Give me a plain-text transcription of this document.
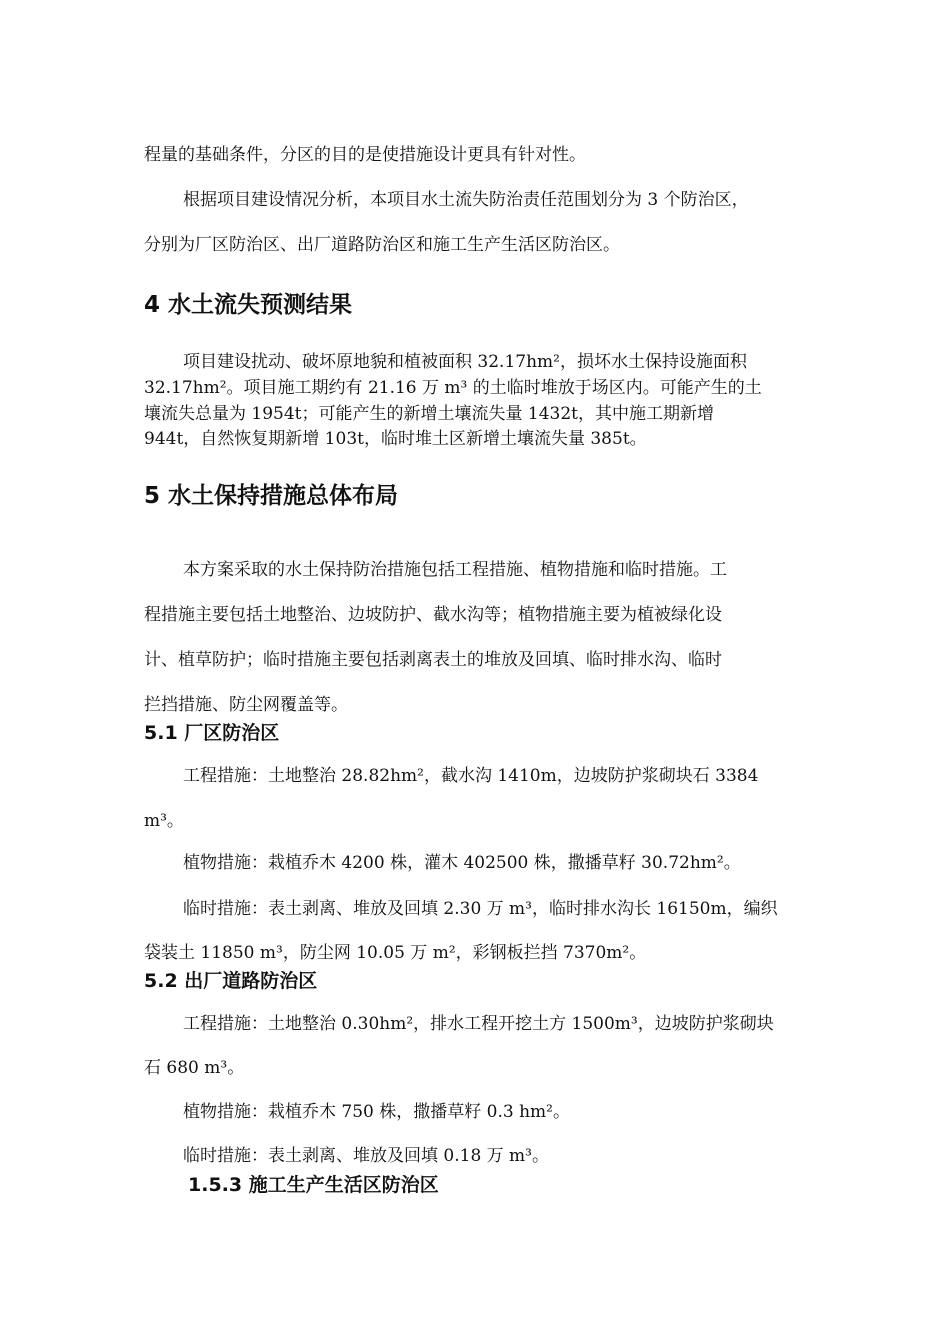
程量的基础条件，分区的目的是使措施设计更具有针对性。
根据项目建设情况分析，本项目水土流失防治责任范围划分为 3 个防治区，
分别为厂区防治区、出厂道路防治区和施工生产生活区防治区。
4 水土流失预测结果
项目建设扰动、破坏原地貌和植被面积 32.17hm²，损坏水土保持设施面积
32.17hm²。项目施工期约有 21.16 万 m³ 的土临时堆放于场区内。可能产生的土
壤流失总量为 1954t；可能产生的新增土壤流失量 1432t，其中施工期新增
944t，自然恢复期新增 103t，临时堆土区新增土壤流失量 385t。
5 水土保持措施总体布局
本方案采取的水土保持防治措施包括工程措施、植物措施和临时措施。工
程措施主要包括土地整治、边坡防护、截水沟等；植物措施主要为植被绿化设
计、植草防护；临时措施主要包括剥离表土的堆放及回填、临时排水沟、临时
拦挡措施、防尘网覆盖等。
5.1 厂区防治区
工程措施：土地整治 28.82hm²，截水沟 1410m，边坡防护浆砌块石 3384
m³。
植物措施：栽植乔木 4200 株，灌木 402500 株，撒播草籽 30.72hm²。
临时措施：表土剥离、堆放及回填 2.30 万 m³，临时排水沟长 16150m，编织
袋装土 11850 m³，防尘网 10.05 万 m²，彩钢板拦挡 7370m²。
5.2 出厂道路防治区
工程措施：土地整治 0.30hm²，排水工程开挖土方 1500m³，边坡防护浆砌块
石 680 m³。
植物措施：栽植乔木 750 株，撒播草籽 0.3 hm²。
临时措施：表土剥离、堆放及回填 0.18 万 m³。
1.5.3 施工生产生活区防治区
